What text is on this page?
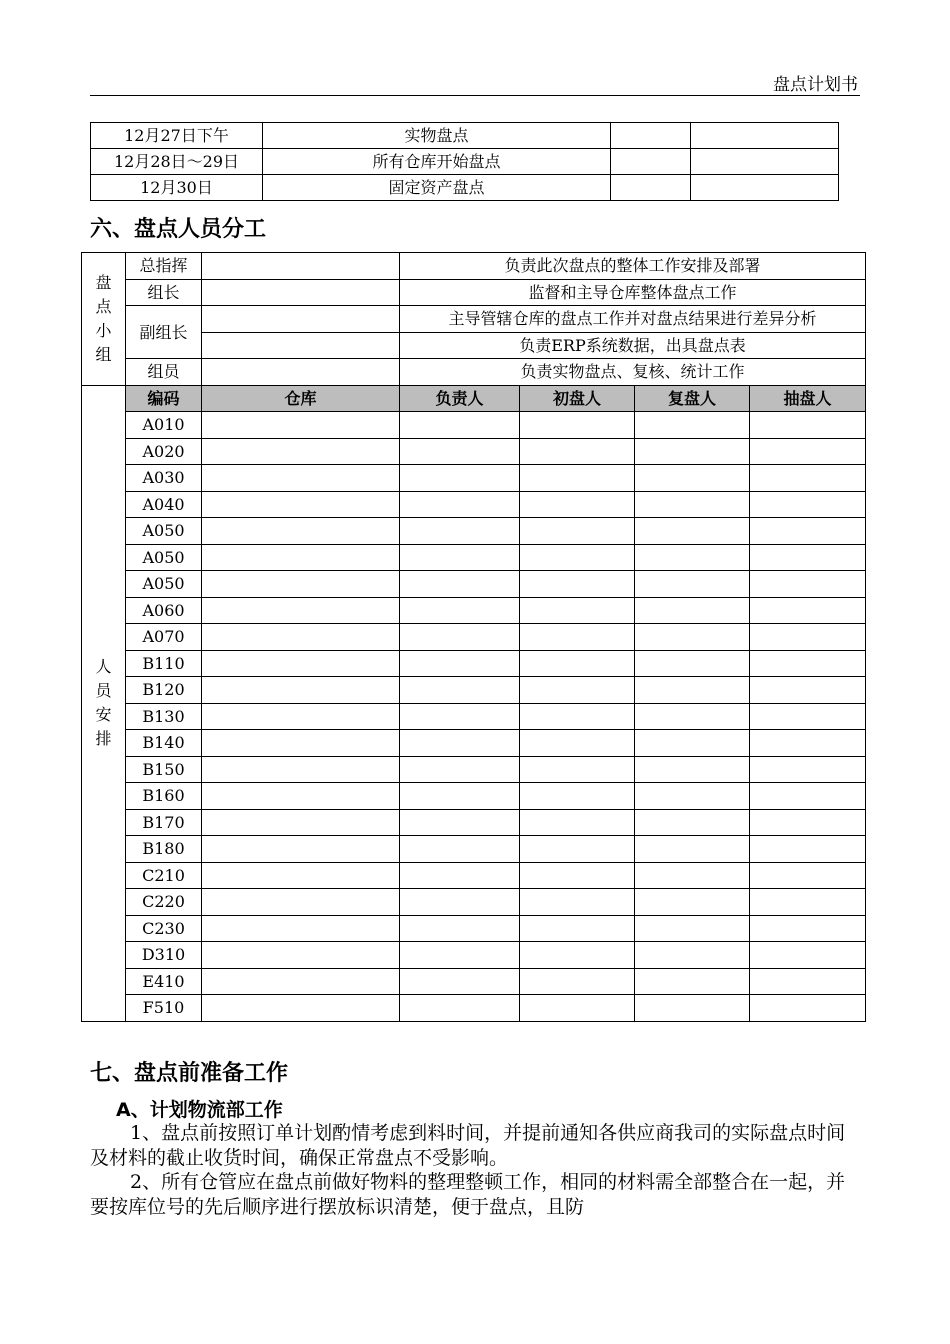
盘点计划书
12月27日下午	实物盘点		
12月28日～29日	所有仓库开始盘点		
12月30日	固定资产盘点		
六、盘点人员分工
盘
点
小
组	总指挥		负责此次盘点的整体工作安排及部署			
	组长		监督和主导仓库整体盘点工作			
	副组长		主导管辖仓库的盘点工作并对盘点结果进行差异分析			
			负责ERP系统数据，出具盘点表			
	组员		负责实物盘点、复核、统计工作			
人
员
安
排	编码	仓库	负责人	初盘人	复盘人	抽盘人
	A010					
	A020					
	A030					
	A040					
	A050					
	A050					
	A050					
	A060					
	A070					
	B110					
	B120					
	B130					
	B140					
	B150					
	B160					
	B170					
	B180					
	C210					
	C220					
	C230					
	D310					
	E410					
	F510					
七、盘点前准备工作
A、计划物流部工作
1、盘点前按照订单计划酌情考虑到料时间，并提前通知各供应商我司的实际盘点时间及材料的截止收货时间，确保正常盘点不受影响。
2、所有仓管应在盘点前做好物料的整理整顿工作，相同的材料需全部整合在一起，并要按库位号的先后顺序进行摆放标识清楚，便于盘点，且防
